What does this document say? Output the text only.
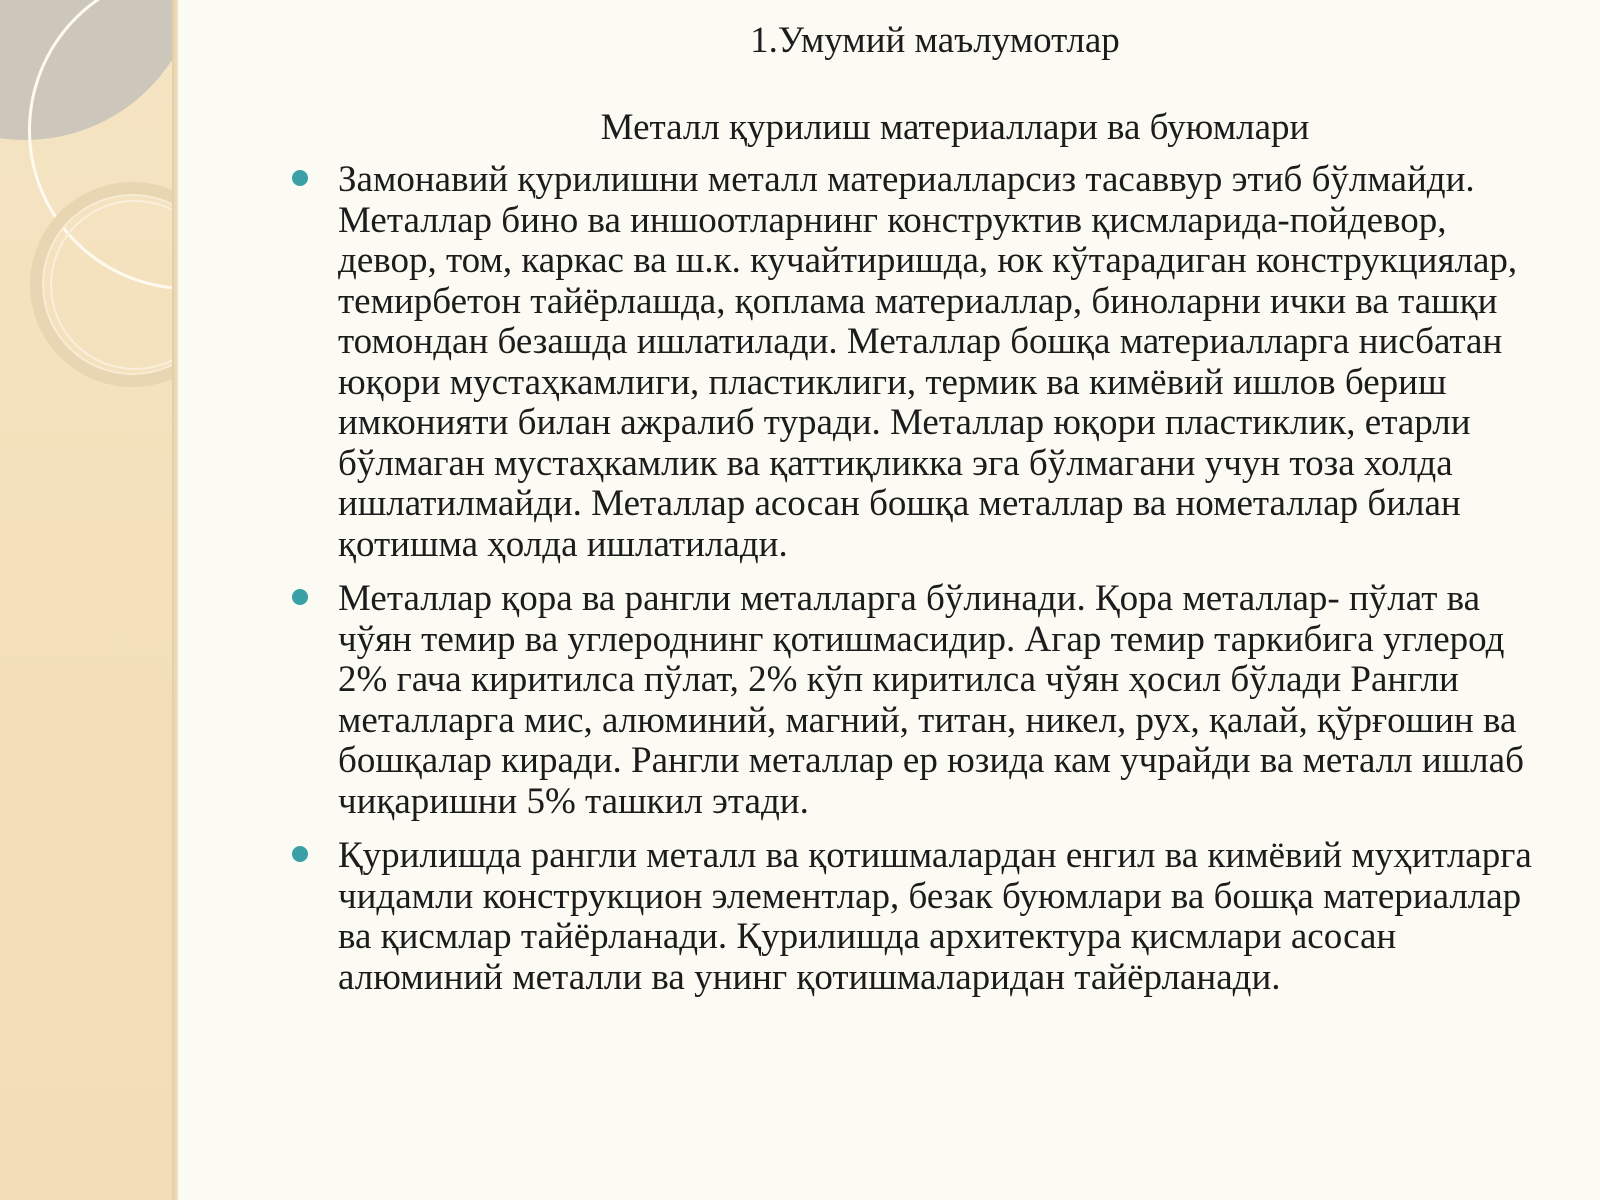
1.Умумий маълумотлар
Металл қурилиш материаллари ва буюмлари
Замонавий қурилишни металл материалларсиз тасаввур этиб бўлмайди. Металлар бино ва иншоотларнинг конструктив қисмларида-пойдевор, девор, том, каркас ва ш.к. кучайтиришда, юк кўтарадиган конструкциялар, темирбетон тайёрлашда, қоплама материаллар, биноларни ички ва ташқи томондан безашда ишлатилади. Металлар бошқа материалларга нисбатан юқори мустаҳкамлиги, пластиклиги, термик ва кимёвий ишлов бериш имконияти билан ажралиб туради. Металлар юқори пластиклик, етарли бўлмаган мустаҳкамлик ва қаттиқликка эга бўлмагани учун тоза холда ишлатилмайди. Металлар асосан бошқа металлар ва нометаллар билан қотишма ҳолда ишлатилади.
Металлар қора ва рангли металларга бўлинади. Қора металлар- пўлат ва чўян темир ва углероднинг қотишмасидир. Агар темир таркибига углерод 2% гача киритилса пўлат, 2% кўп киритилса чўян ҳосил бўлади Рангли металларга мис, алюминий, магний, титан, никел, рух, қалай, қўрғошин ва бошқалар киради. Рангли металлар ер юзида кам учрайди ва металл ишлаб чиқаришни 5% ташкил этади.
Қурилишда рангли металл ва қотишмалардан енгил ва кимёвий муҳитларга чидамли конструкцион элементлар, безак буюмлари ва бошқа материаллар ва қисмлар тайёрланади. Қурилишда архитектура қисмлари асосан алюминий металли ва унинг қотишмаларидан тайёрланади.
